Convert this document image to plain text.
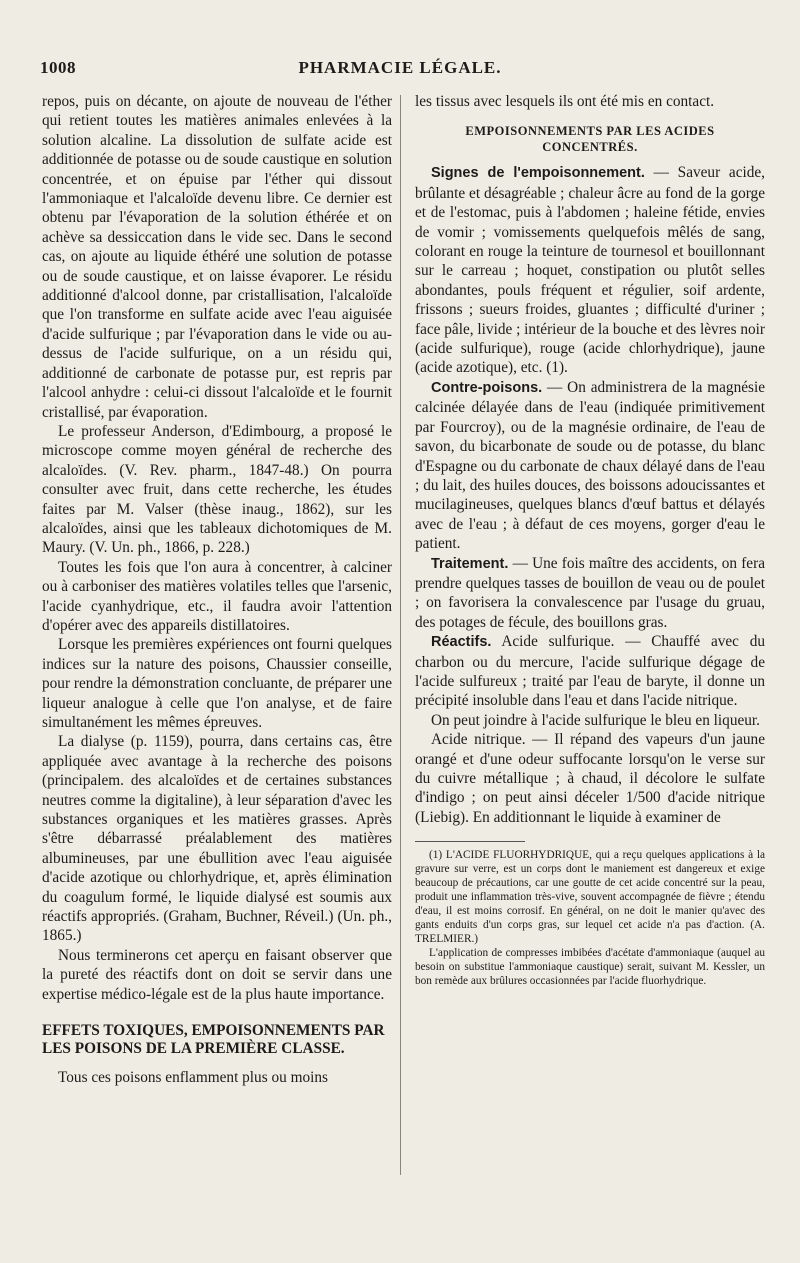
1008	PHARMACIE LÉGALE.

repos, puis on décante, on ajoute de nouveau de l'éther qui retient toutes les matières animales enlevées à la solution alcaline. La dissolution de sulfate acide est additionnée de potasse ou de soude caustique en solution concentrée, et on épuise par l'éther qui dissout l'ammoniaque et l'alcaloïde devenu libre. Ce dernier est obtenu par l'évaporation de la solution éthérée et on achève sa dessiccation dans le vide sec. Dans le second cas, on ajoute au liquide éthéré une solution de potasse ou de soude caustique, et on laisse évaporer. Le résidu additionné d'alcool donne, par cristallisation, l'alcaloïde que l'on transforme en sulfate acide avec l'eau aiguisée d'acide sulfurique ; par l'évaporation dans le vide ou au-dessus de l'acide sulfurique, on a un résidu qui, additionné de carbonate de potasse pur, est repris par l'alcool anhydre : celui-ci dissout l'alcaloïde et le fournit cristallisé, par évaporation.

Le professeur Anderson, d'Edimbourg, a proposé le microscope comme moyen général de recherche des alcaloïdes. (V. Rev. pharm., 1847-48.) On pourra consulter avec fruit, dans cette recherche, les études faites par M. Valser (thèse inaug., 1862), sur les alcaloïdes, ainsi que les tableaux dichotomiques de M. Maury. (V. Un. ph., 1866, p. 228.)

Toutes les fois que l'on aura à concentrer, à calciner ou à carboniser des matières volatiles telles que l'arsenic, l'acide cyanhydrique, etc., il faudra avoir l'attention d'opérer avec des appareils distillatoires.

Lorsque les premières expériences ont fourni quelques indices sur la nature des poisons, Chaussier conseille, pour rendre la démonstration concluante, de préparer une liqueur analogue à celle que l'on analyse, et de faire simultanément les mêmes épreuves.

La dialyse (p. 1159), pourra, dans certains cas, être appliquée avec avantage à la recherche des poisons (principalem. des alcaloïdes et de certaines substances neutres comme la digitaline), à leur séparation d'avec les substances organiques et les matières grasses. Après s'être débarrassé préalablement des matières albumineuses, par une ébullition avec l'eau aiguisée d'acide azotique ou chlorhydrique, et, après élimination du coagulum formé, le liquide dialysé est soumis aux réactifs appropriés. (Graham, Buchner, Réveil.) (Un. ph., 1865.)

Nous terminerons cet aperçu en faisant observer que la pureté des réactifs dont on doit se servir dans une expertise médico-légale est de la plus haute importance.

EFFETS TOXIQUES, EMPOISONNEMENTS PAR LES POISONS DE LA PREMIÈRE CLASSE.

Tous ces poisons enflamment plus ou moins

les tissus avec lesquels ils ont été mis en contact.

EMPOISONNEMENTS PAR LES ACIDES CONCENTRÉS.

Signes de l'empoisonnement. — Saveur acide, brûlante et désagréable ; chaleur âcre au fond de la gorge et de l'estomac, puis à l'abdomen ; haleine fétide, envies de vomir ; vomissements quelquefois mêlés de sang, colorant en rouge la teinture de tournesol et bouillonnant sur le carreau ; hoquet, constipation ou plutôt selles abondantes, pouls fréquent et régulier, soif ardente, frissons ; sueurs froides, gluantes ; difficulté d'uriner ; face pâle, livide ; intérieur de la bouche et des lèvres noir (acide sulfurique), rouge (acide chlorhydrique), jaune (acide azotique), etc. (1).

Contre-poisons. — On administrera de la magnésie calcinée délayée dans de l'eau (indiquée primitivement par Fourcroy), ou de la magnésie ordinaire, de l'eau de savon, du bicarbonate de soude ou de potasse, du blanc d'Espagne ou du carbonate de chaux délayé dans de l'eau ; du lait, des huiles douces, des boissons adoucissantes et mucilagineuses, quelques blancs d'œuf battus et délayés avec de l'eau ; à défaut de ces moyens, gorger d'eau le patient.

Traitement. — Une fois maître des accidents, on fera prendre quelques tasses de bouillon de veau ou de poulet ; on favorisera la convalescence par l'usage du gruau, des potages de fécule, des bouillons gras.

Réactifs. Acide sulfurique. — Chauffé avec du charbon ou du mercure, l'acide sulfurique dégage de l'acide sulfureux ; traité par l'eau de baryte, il donne un précipité insoluble dans l'eau et dans l'acide nitrique.

On peut joindre à l'acide sulfurique le bleu en liqueur.

Acide nitrique. — Il répand des vapeurs d'un jaune orangé et d'une odeur suffocante lorsqu'on le verse sur du cuivre métallique ; à chaud, il décolore le sulfate d'indigo ; on peut ainsi déceler 1/500 d'acide nitrique (Liebig). En additionnant le liquide à examiner de

(1) L'ACIDE FLUORHYDRIQUE, qui a reçu quelques applications à la gravure sur verre, est un corps dont le maniement est dangereux et exige beaucoup de précautions, car une goutte de cet acide concentré sur la peau, produit une inflammation très-vive, souvent accompagnée de fièvre ; étendu d'eau, il est moins corrosif. En général, on ne doit le manier qu'avec des gants enduits d'un corps gras, sur lequel cet acide n'a pas d'action. (A. TRELMIER.)

L'application de compresses imbibées d'acétate d'ammoniaque (auquel au besoin on substitue l'ammoniaque caustique) serait, suivant M. Kessler, un bon remède aux brûlures occasionnées par l'acide fluorhydrique.
